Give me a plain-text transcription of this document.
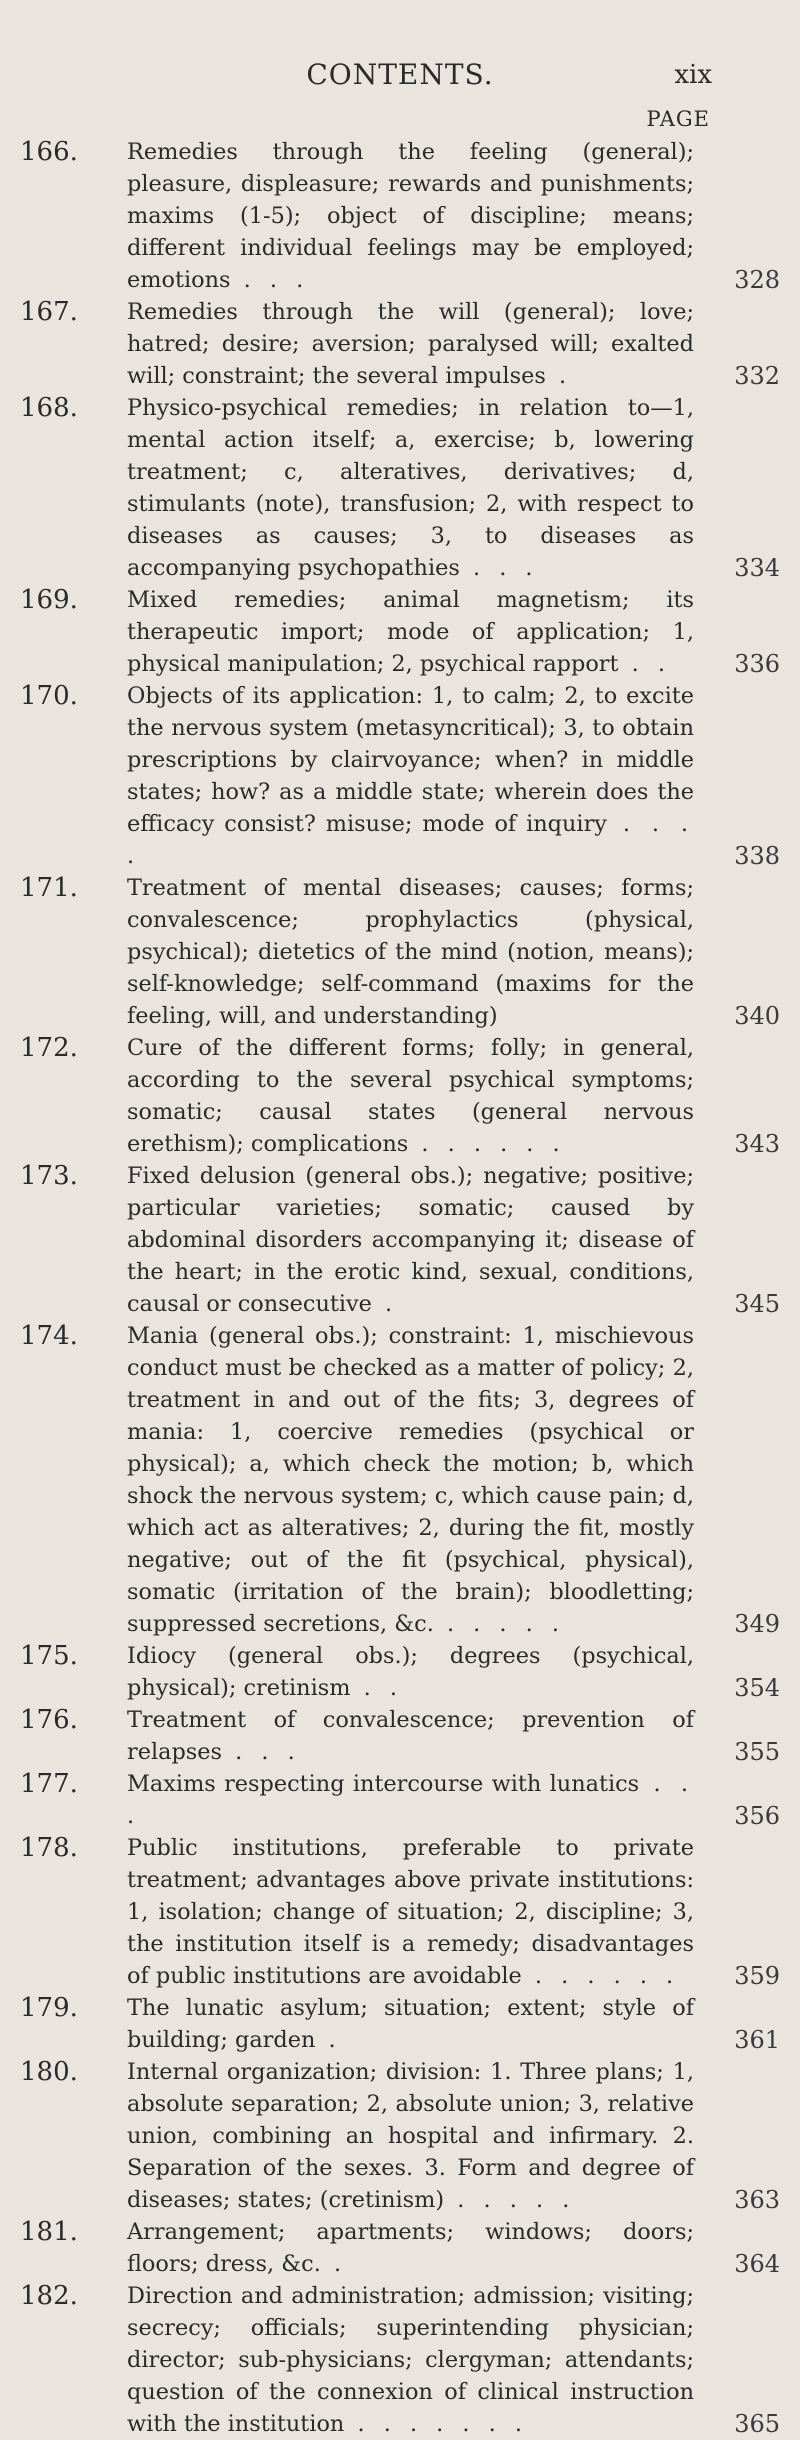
CONTENTS.	xix
PAGE
166.	Remedies through the feeling (general); pleasure, displeasure; rewards and punishments; maxims (1-5); object of discipline; means; different individual feelings may be employed; emotions . . .	328
167.	Remedies through the will (general); love; hatred; desire; aversion; paralysed will; exalted will; constraint; the several impulses .	332
168.	Physico-psychical remedies; in relation to—1, mental action itself; a, exercise; b, lowering treatment; c, alteratives, derivatives; d, stimulants (note), transfusion; 2, with respect to diseases as causes; 3, to diseases as accompanying psychopathies . . .	334
169.	Mixed remedies; animal magnetism; its therapeutic import; mode of application; 1, physical manipulation; 2, psychical rapport . .	336
170.	Objects of its application: 1, to calm; 2, to excite the nervous system (metasyncritical); 3, to obtain prescriptions by clairvoyance; when? in middle states; how? as a middle state; wherein does the efficacy consist? misuse; mode of inquiry . . . .	338
171.	Treatment of mental diseases; causes; forms; convalescence; prophylactics (physical, psychical); dietetics of the mind (notion, means); self-knowledge; self-command (maxims for the feeling, will, and understanding)	340
172.	Cure of the different forms; folly; in general, according to the several psychical symptoms; somatic; causal states (general nervous erethism); complications . . . . . .	343
173.	Fixed delusion (general obs.); negative; positive; particular varieties; somatic; caused by abdominal disorders accompanying it; disease of the heart; in the erotic kind, sexual, conditions, causal or consecutive .	345
174.	Mania (general obs.); constraint: 1, mischievous conduct must be checked as a matter of policy; 2, treatment in and out of the fits; 3, degrees of mania: 1, coercive remedies (psychical or physical); a, which check the motion; b, which shock the nervous system; c, which cause pain; d, which act as alteratives; 2, during the fit, mostly negative; out of the fit (psychical, physical), somatic (irritation of the brain); bloodletting; suppressed secretions, &c. . . . . .	349
175.	Idiocy (general obs.); degrees (psychical, physical); cretinism . .	354
176.	Treatment of convalescence; prevention of relapses . . .	355
177.	Maxims respecting intercourse with lunatics . . .	356
178.	Public institutions, preferable to private treatment; advantages above private institutions: 1, isolation; change of situation; 2, discipline; 3, the institution itself is a remedy; disadvantages of public institutions are avoidable . . . . . .	359
179.	The lunatic asylum; situation; extent; style of building; garden .	361
180.	Internal organization; division: 1. Three plans; 1, absolute separation; 2, absolute union; 3, relative union, combining an hospital and infirmary. 2. Separation of the sexes. 3. Form and degree of diseases; states; (cretinism) . . . . .	363
181.	Arrangement; apartments; windows; doors; floors; dress, &c. .	364
182.	Direction and administration; admission; visiting; secrecy; officials; superintending physician; director; sub-physicians; clergyman; attendants; question of the connexion of clinical instruction with the institution . . . . . . .	365
